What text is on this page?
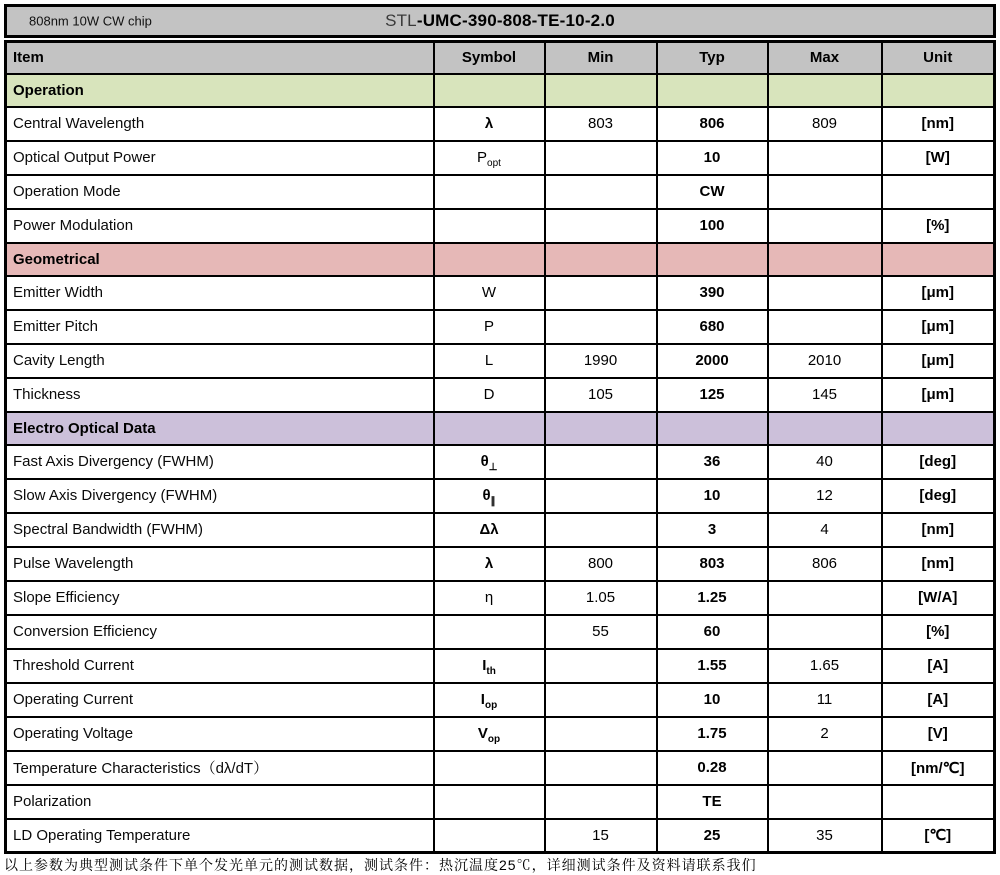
808nm 10W CW chip	STL-UMC-390-808-TE-10-2.0
Item	Symbol	Min	Typ	Max	Unit
Operation					
Central Wavelength	λ	803	806	809	[nm]
Optical Output Power	$P_{opt}$		10		[W]
Operation Mode			CW		
Power Modulation			100		[%]
Geometrical					
Emitter Width	W		390		[μm]
Emitter Pitch	P		680		[μm]
Cavity Length	L	1990	2000	2010	[μm]
Thickness	D	105	125	145	[μm]
Electro Optical Data					
Fast Axis Divergency (FWHM)	$\theta_\perp$		36	40	[deg]
Slow Axis Divergency (FWHM)	$\theta_\parallel$		10	12	[deg]
Spectral Bandwidth (FWHM)	Δλ		3	4	[nm]
Pulse Wavelength	λ	800	803	806	[nm]
Slope Efficiency	η	1.05	1.25		[W/A]
Conversion Efficiency		55	60		[%]
Threshold Current	$I_{th}$		1.55	1.65	[A]
Operating Current	$I_{op}$		10	11	[A]
Operating Voltage	$V_{op}$		1.75	2	[V]
Temperature Characteristics（dλ/dT）			0.28		[nm/℃]
Polarization			TE		
LD Operating Temperature		15	25	35	[℃]
以上参数为典型测试条件下单个发光单元的测试数据，测试条件：热沉温度25℃，详细测试条件及资料请联系我们
